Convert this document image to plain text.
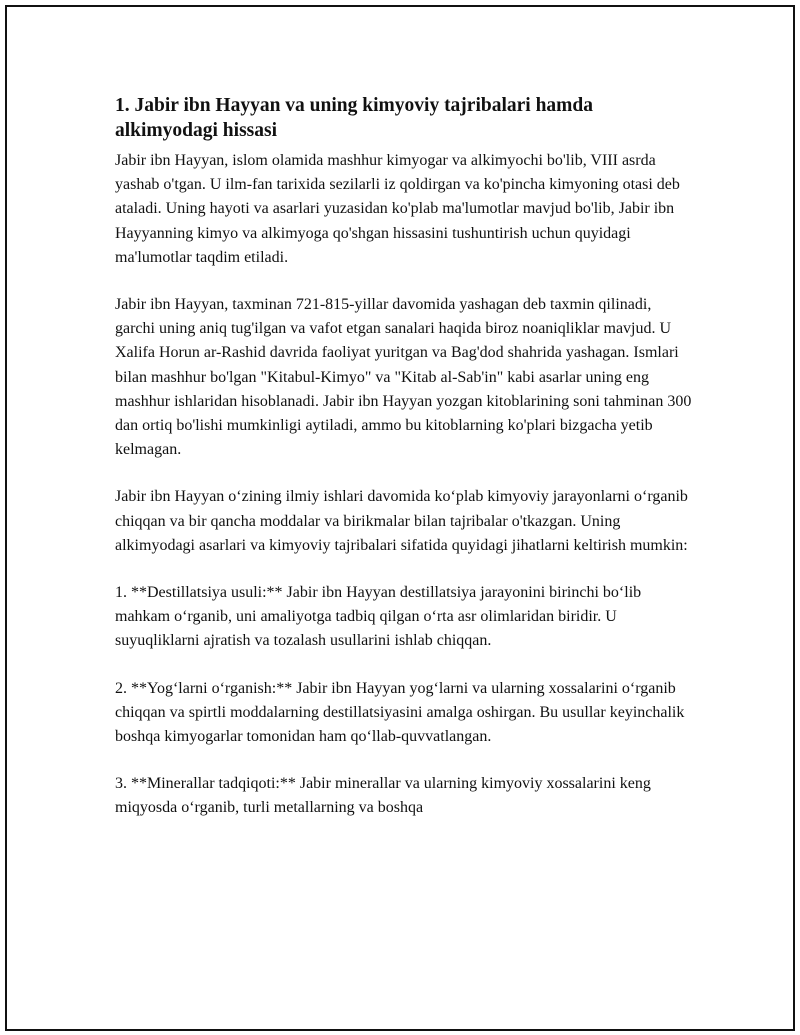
1. Jabir ibn Hayyan va uning kimyoviy tajribalari hamda alkimyodagi hissasi

Jabir ibn Hayyan, islom olamida mashhur kimyogar va alkimyochi bo'lib, VIII asrda yashab o'tgan. U ilm-fan tarixida sezilarli iz qoldirgan va ko'pincha kimyoning otasi deb ataladi. Uning hayoti va asarlari yuzasidan ko'plab ma'lumotlar mavjud bo'lib, Jabir ibn Hayyanning kimyo va alkimyoga qo'shgan hissasini tushuntirish uchun quyidagi ma'lumotlar taqdim etiladi.

Jabir ibn Hayyan, taxminan 721-815-yillar davomida yashagan deb taxmin qilinadi, garchi uning aniq tug'ilgan va vafot etgan sanalari haqida biroz noaniqliklar mavjud. U Xalifa Horun ar-Rashid davrida faoliyat yuritgan va Bag'dod shahrida yashagan. Ismlari bilan mashhur bo'lgan "Kitabul-Kimyo" va "Kitab al-Sab'in" kabi asarlar uning eng mashhur ishlaridan hisoblanadi. Jabir ibn Hayyan yozgan kitoblarining soni tahminan 300 dan ortiq bo'lishi mumkinligi aytiladi, ammo bu kitoblarning ko'plari bizgacha yetib kelmagan.

Jabir ibn Hayyan o‘zining ilmiy ishlari davomida ko‘plab kimyoviy jarayonlarni o‘rganib chiqqan va bir qancha moddalar va birikmalar bilan tajribalar o'tkazgan. Uning alkimyodagi asarlari va kimyoviy tajribalari sifatida quyidagi jihatlarni keltirish mumkin:

1. **Destillatsiya usuli:** Jabir ibn Hayyan destillatsiya jarayonini birinchi bo‘lib mahkam o‘rganib, uni amaliyotga tadbiq qilgan o‘rta asr olimlaridan biridir. U suyuqliklarni ajratish va tozalash usullarini ishlab chiqqan.

2. **Yog‘larni o‘rganish:** Jabir ibn Hayyan yog‘larni va ularning xossalarini o‘rganib chiqqan va spirtli moddalarning destillatsiyasini amalga oshirgan. Bu usullar keyinchalik boshqa kimyogarlar tomonidan ham qo‘llab-quvvatlangan.

3. **Minerallar tadqiqoti:** Jabir minerallar va ularning kimyoviy xossalarini keng miqyosda o‘rganib, turli metallarning va boshqa
